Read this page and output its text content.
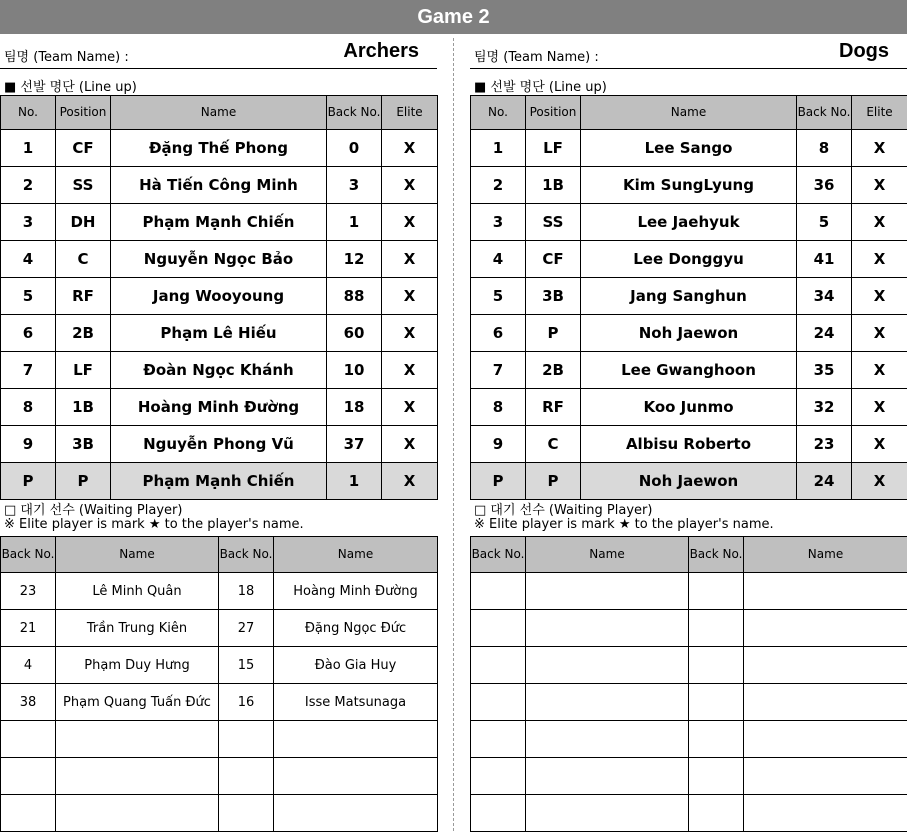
Game 2
팀명 (Team Name) :	Archers
■ 선발 명단 (Line up)
No.	Position	Name	Back No.	Elite
1	CF	Đặng Thế Phong	0	X
2	SS	Hà Tiến Công Minh	3	X
3	DH	Phạm Mạnh Chiến	1	X
4	C	Nguyễn Ngọc Bảo	12	X
5	RF	Jang Wooyoung	88	X
6	2B	Phạm Lê Hiếu	60	X
7	LF	Đoàn Ngọc Khánh	10	X
8	1B	Hoàng Minh Đường	18	X
9	3B	Nguyễn Phong Vũ	37	X
P	P	Phạm Mạnh Chiến	1	X
□ 대기 선수 (Waiting Player)
※ Elite player is mark ★ to the player's name.
Back No.	Name	Back No.	Name
23	Lê Minh Quân	18	Hoàng Minh Đường
21	Trần Trung Kiên	27	Đặng Ngọc Đức
4	Phạm Duy Hưng	15	Đào Gia Huy
38	Phạm Quang Tuấn Đức	16	Isse Matsunaga

팀명 (Team Name) :	Dogs
■ 선발 명단 (Line up)
No.	Position	Name	Back No.	Elite
1	LF	Lee Sango	8	X
2	1B	Kim SungLyung	36	X
3	SS	Lee Jaehyuk	5	X
4	CF	Lee Donggyu	41	X
5	3B	Jang Sanghun	34	X
6	P	Noh Jaewon	24	X
7	2B	Lee Gwanghoon	35	X
8	RF	Koo Junmo	32	X
9	C	Albisu Roberto	23	X
P	P	Noh Jaewon	24	X
□ 대기 선수 (Waiting Player)
※ Elite player is mark ★ to the player's name.
Back No.	Name	Back No.	Name
